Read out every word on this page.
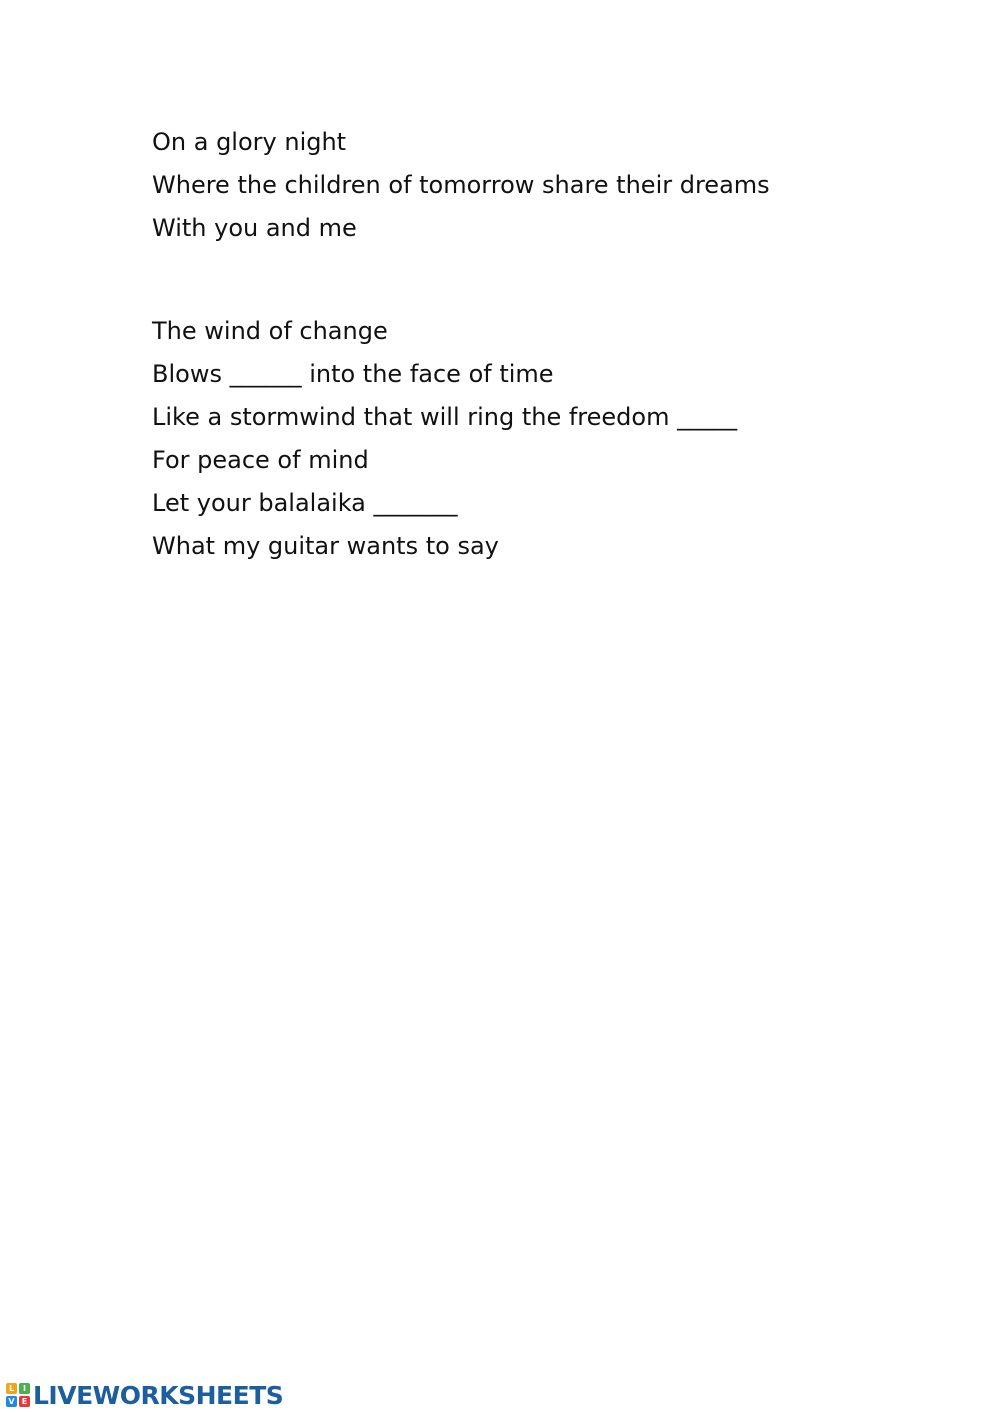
On a glory night
Where the children of tomorrow share their dreams
With you and me
The wind of change
Blows ______ into the face of time
Like a stormwind that will ring the freedom _____
For peace of mind
Let your balalaika _______
What my guitar wants to say
L	I
V E LIVEWORKSHEETS
